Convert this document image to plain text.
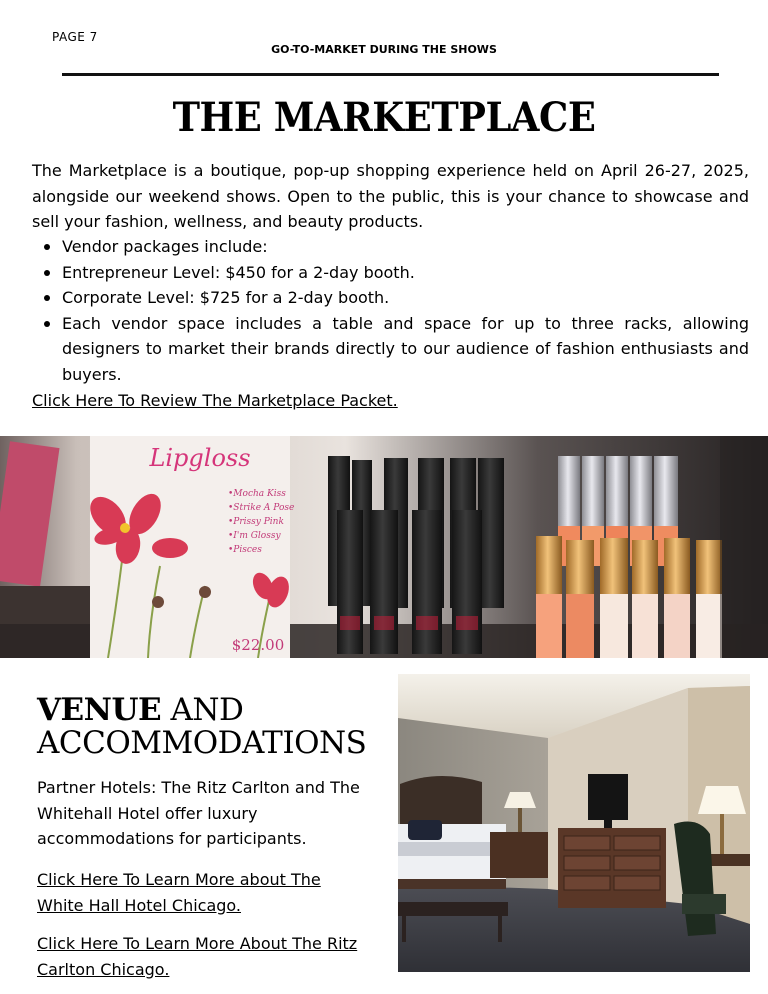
PAGE 7
GO-TO-MARKET DURING THE SHOWS
THE MARKETPLACE

The Marketplace is a boutique, pop-up shopping experience held on April 26-27, 2025, alongside our weekend shows. Open to the public, this is your chance to showcase and sell your fashion, wellness, and beauty products.

Vendor packages include:
Entrepreneur Level: $450 for a 2-day booth.
Corporate Level: $725 for a 2-day booth.
Each vendor space includes a table and space for up to three racks, allowing designers to market their brands directly to our audience of fashion enthusiasts and buyers.
Click Here To Review The Marketplace Packet.
Lipgloss
•Mocha Kiss
•Strike A Pose
•Prissy Pink
•I'm Glossy
•Pisces
$22.00
VENUE AND
ACCOMMODATIONS

Partner Hotels: The Ritz Carlton and The Whitehall Hotel offer luxury accommodations for participants.

Click Here To Learn More about The White Hall Hotel Chicago.
Click Here To Learn More About The Ritz Carlton Chicago.
